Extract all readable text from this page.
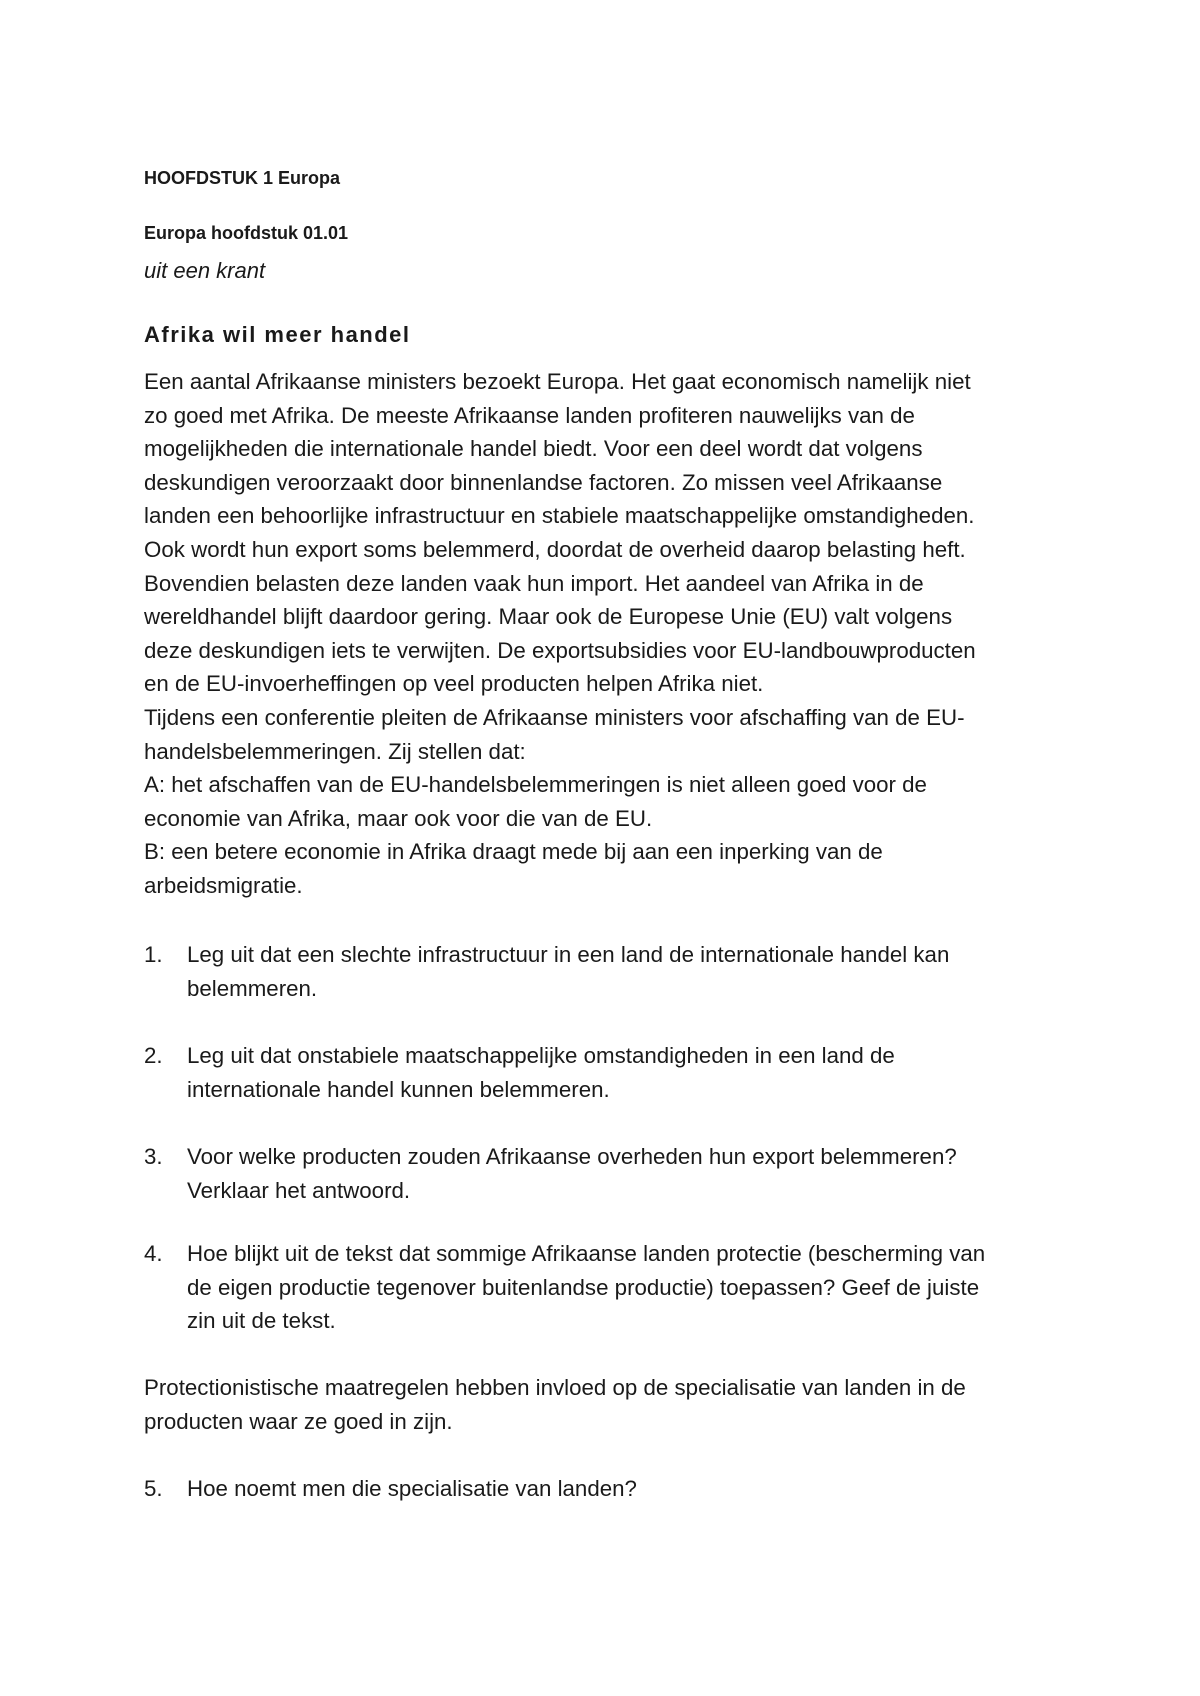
HOOFDSTUK 1 Europa
Europa hoofdstuk 01.01

uit een krant

Afrika wil meer handel

Een aantal Afrikaanse ministers bezoekt Europa. Het gaat economisch namelijk niet
zo goed met Afrika. De meeste Afrikaanse landen profiteren nauwelijks van de
mogelijkheden die internationale handel biedt. Voor een deel wordt dat volgens
deskundigen veroorzaakt door binnenlandse factoren. Zo missen veel Afrikaanse
landen een behoorlijke infrastructuur en stabiele maatschappelijke omstandigheden.
Ook wordt hun export soms belemmerd, doordat de overheid daarop belasting heft.
Bovendien belasten deze landen vaak hun import. Het aandeel van Afrika in de
wereldhandel blijft daardoor gering. Maar ook de Europese Unie (EU) valt volgens
deze deskundigen iets te verwijten. De exportsubsidies voor EU-landbouwproducten
en de EU-invoerheffingen op veel producten helpen Afrika niet.
Tijdens een conferentie pleiten de Afrikaanse ministers voor afschaffing van de EU-
handelsbelemmeringen. Zij stellen dat:
A: het afschaffen van de EU-handelsbelemmeringen is niet alleen goed voor de
economie van Afrika, maar ook voor die van de EU.
B: een betere economie in Afrika draagt mede bij aan een inperking van de
arbeidsmigratie.

1.	Leg uit dat een slechte infrastructuur in een land de internationale handel kan
belemmeren.
2.	Leg uit dat onstabiele maatschappelijke omstandigheden in een land de
internationale handel kunnen belemmeren.
3.	Voor welke producten zouden Afrikaanse overheden hun export belemmeren?
Verklaar het antwoord.
4.	Hoe blijkt uit de tekst dat sommige Afrikaanse landen protectie (bescherming van
de eigen productie tegenover buitenlandse productie) toepassen? Geef de juiste
zin uit de tekst.
5.	Hoe noemt men die specialisatie van landen?

Protectionistische maatregelen hebben invloed op de specialisatie van landen in de
producten waar ze goed in zijn.
